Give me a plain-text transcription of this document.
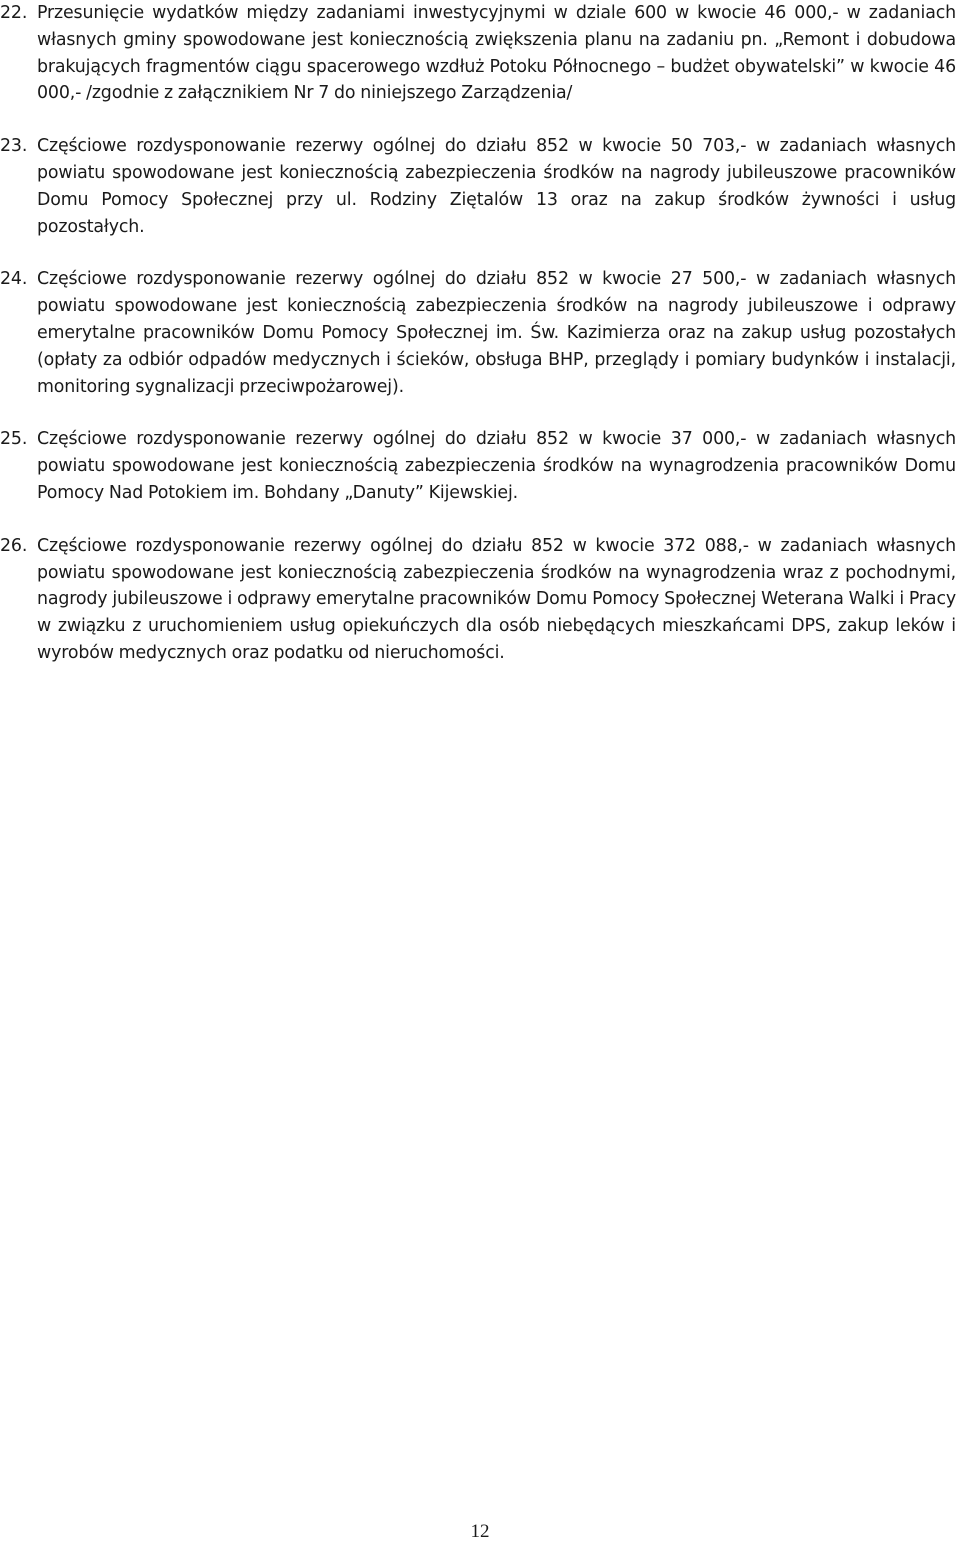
22. Przesunięcie wydatków między zadaniami inwestycyjnymi w dziale 600 w kwocie 46 000,- w zadaniach własnych gminy spowodowane jest koniecznością zwiększenia planu na zadaniu pn. „Remont i dobudowa brakujących fragmentów ciągu spacerowego wzdłuż Potoku Północnego – budżet obywatelski” w kwocie 46 000,- /zgodnie z załącznikiem Nr 7 do niniejszego Zarządzenia/
23. Częściowe rozdysponowanie rezerwy ogólnej do działu 852 w kwocie 50 703,- w zadaniach własnych powiatu spowodowane jest koniecznością zabezpieczenia środków na nagrody jubileuszowe pracowników Domu Pomocy Społecznej przy ul. Rodziny Ziętalów 13 oraz na zakup środków żywności i usług pozostałych.
24. Częściowe rozdysponowanie rezerwy ogólnej do działu 852 w kwocie 27 500,- w zadaniach własnych powiatu spowodowane jest koniecznością zabezpieczenia środków na nagrody jubileuszowe i odprawy emerytalne pracowników Domu Pomocy Społecznej im. Św. Kazimierza oraz na zakup usług pozostałych (opłaty za odbiór odpadów medycznych i ścieków, obsługa BHP, przeglądy i pomiary budynków i instalacji, monitoring sygnalizacji przeciwpożarowej).
25. Częściowe rozdysponowanie rezerwy ogólnej do działu 852 w kwocie 37 000,- w zadaniach własnych powiatu spowodowane jest koniecznością zabezpieczenia środków na wynagrodzenia pracowników Domu Pomocy Nad Potokiem im. Bohdany „Danuty” Kijewskiej.
26. Częściowe rozdysponowanie rezerwy ogólnej do działu 852 w kwocie 372 088,- w zadaniach własnych powiatu spowodowane jest koniecznością zabezpieczenia środków na wynagrodzenia wraz z pochodnymi, nagrody jubileuszowe i odprawy emerytalne pracowników Domu Pomocy Społecznej Weterana Walki i Pracy w związku z uruchomieniem usług opiekuńczych dla osób niebędących mieszkańcami DPS, zakup leków i wyrobów medycznych oraz podatku od nieruchomości.
12
